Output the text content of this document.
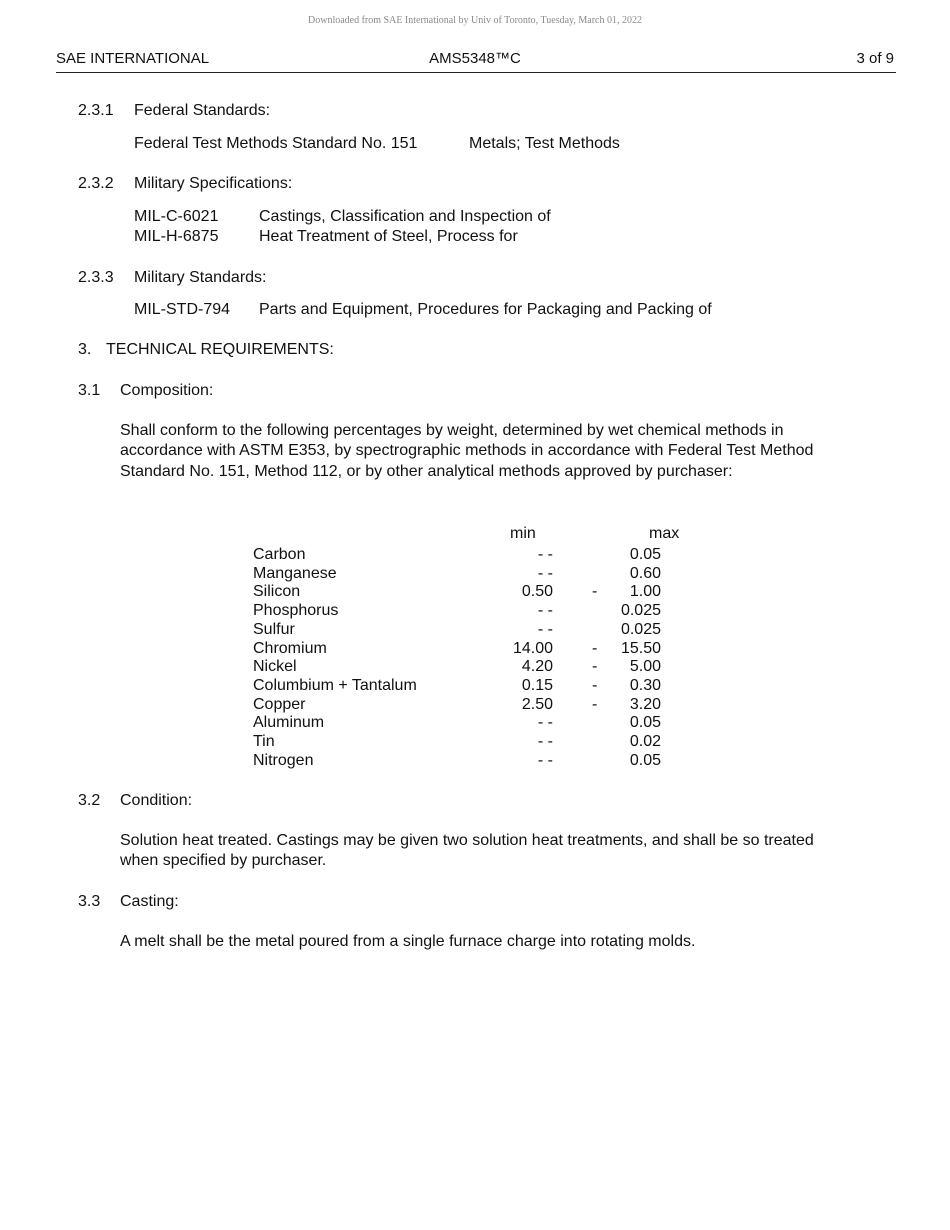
Downloaded from SAE International by Univ of Toronto, Tuesday, March 01, 2022
SAE INTERNATIONAL	AMS5348™C	3 of 9
2.3.1 Federal Standards:
Federal Test Methods Standard No. 151	Metals; Test Methods
2.3.2 Military Specifications:
MIL-C-6021	Castings, Classification and Inspection of
MIL-H-6875	Heat Treatment of Steel, Process for
2.3.3 Military Standards:
MIL-STD-794 Parts and Equipment, Procedures for Packaging and Packing of
3. TECHNICAL REQUIREMENTS:
3.1 Composition:
Shall conform to the following percentages by weight, determined by wet chemical methods in
accordance with ASTM E353, by spectrographic methods in accordance with Federal Test Method
Standard No. 151, Method 112, or by other analytical methods approved by purchaser:
min	max
Carbon	- -	0.05
Manganese	- -	0.60
Silicon	0.50 -	1.00
Phosphorus	- -	0.025
Sulfur	- -	0.025
Chromium	14.00 -	15.50
Nickel	4.20 -	5.00
Columbium + Tantalum	0.15 -	0.30
Copper	2.50 -	3.20
Aluminum	- -	0.05
Tin	- -	0.02
Nitrogen	- -	0.05
3.2 Condition:
Solution heat treated. Castings may be given two solution heat treatments, and shall be so treated
when specified by purchaser.
3.3 Casting:
A melt shall be the metal poured from a single furnace charge into rotating molds.
